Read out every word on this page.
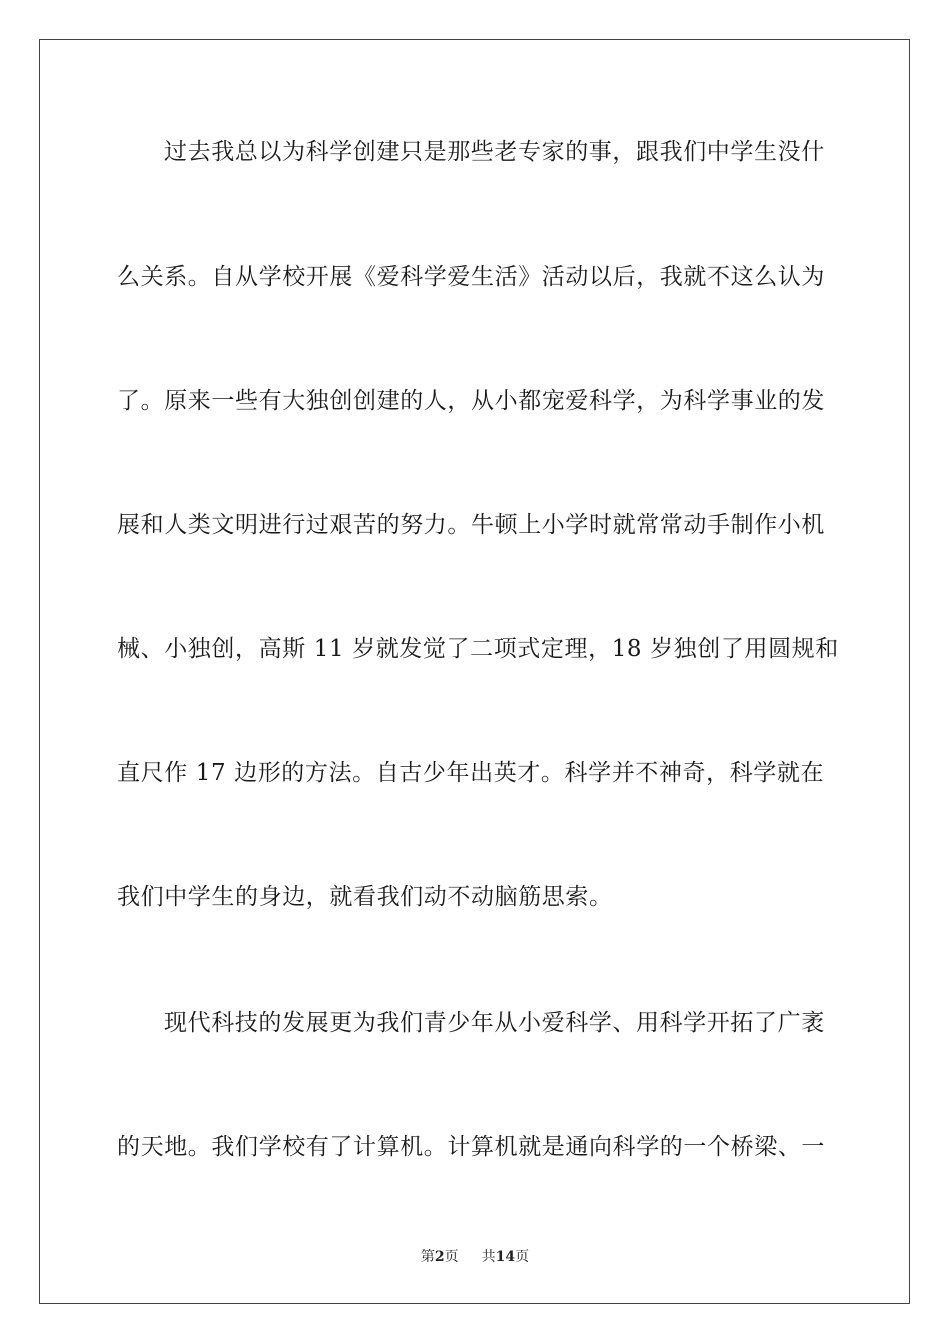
过去我总以为科学创建只是那些老专家的事，跟我们中学生没什

么关系。自从学校开展《爱科学爱生活》活动以后，我就不这么认为

了。原来一些有大独创创建的人，从小都宠爱科学，为科学事业的发

展和人类文明进行过艰苦的努力。牛顿上小学时就常常动手制作小机

械、小独创，高斯 11 岁就发觉了二项式定理，18 岁独创了用圆规和

直尺作 17 边形的方法。自古少年出英才。科学并不神奇，科学就在

我们中学生的身边，就看我们动不动脑筋思索。

现代科技的发展更为我们青少年从小爱科学、用科学开拓了广袤

的天地。我们学校有了计算机。计算机就是通向科学的一个桥梁、一

第2页 共14页
